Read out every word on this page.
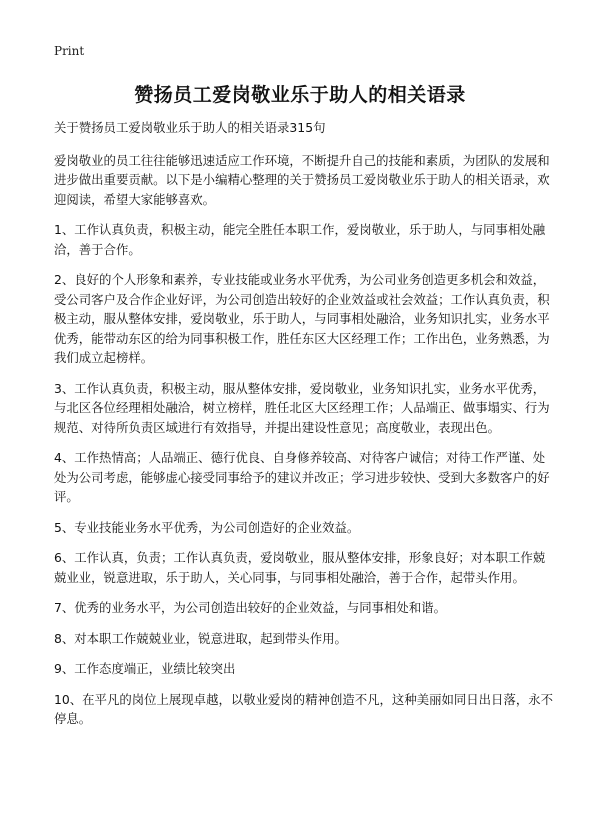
Print
赞扬员工爱岗敬业乐于助人的相关语录

关于赞扬员工爱岗敬业乐于助人的相关语录315句

爱岗敬业的员工往往能够迅速适应工作环境，不断提升自己的技能和素质，为团队的发展和进步做出重要贡献。以下是小编精心整理的关于赞扬员工爱岗敬业乐于助人的相关语录，欢迎阅读，希望大家能够喜欢。

1、工作认真负责，积极主动，能完全胜任本职工作，爱岗敬业，乐于助人，与同事相处融洽，善于合作。

2、良好的个人形象和素养，专业技能或业务水平优秀，为公司业务创造更多机会和效益，受公司客户及合作企业好评，为公司创造出较好的企业效益或社会效益；工作认真负责，积极主动，服从整体安排，爱岗敬业，乐于助人，与同事相处融洽，业务知识扎实，业务水平优秀，能带动东区的给为同事积极工作，胜任东区大区经理工作；工作出色，业务熟悉，为我们成立起榜样。

3、工作认真负责，积极主动，服从整体安排，爱岗敬业，业务知识扎实，业务水平优秀，与北区各位经理相处融洽，树立榜样，胜任北区大区经理工作；人品端正、做事塌实、行为规范、对待所负责区域进行有效指导，并提出建设性意见；高度敬业，表现出色。

4、工作热情高；人品端正、德行优良、自身修养较高、对待客户诚信；对待工作严谨、处处为公司考虑，能够虚心接受同事给予的建议并改正；学习进步较快、受到大多数客户的好评。

5、专业技能业务水平优秀，为公司创造好的企业效益。

6、工作认真，负责；工作认真负责，爱岗敬业，服从整体安排，形象良好；对本职工作兢兢业业，锐意进取，乐于助人，关心同事，与同事相处融洽，善于合作，起带头作用。

7、优秀的业务水平，为公司创造出较好的企业效益，与同事相处和谐。

8、对本职工作兢兢业业，锐意进取，起到带头作用。

9、工作态度端正，业绩比较突出

10、在平凡的岗位上展现卓越，以敬业爱岗的精神创造不凡，这种美丽如同日出日落，永不停息。
